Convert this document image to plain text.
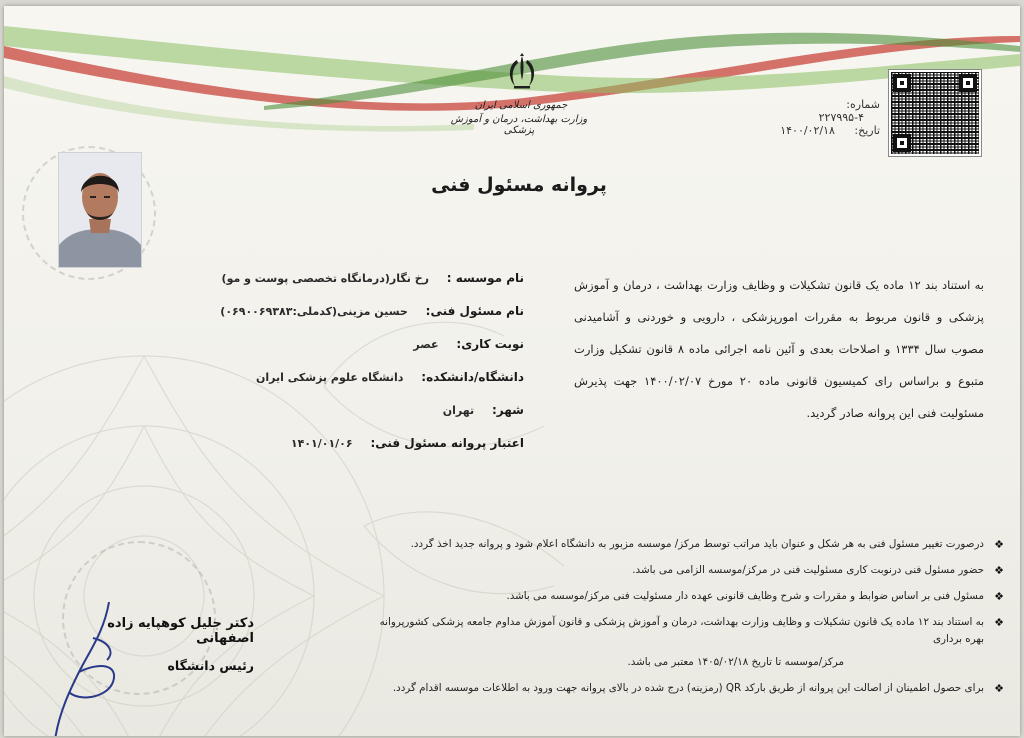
جمهوری اسلامی ایران
وزارت بهداشت، درمان و آموزش پزشکی
شماره: ۴-۲۲۷۹۹۵
تاریخ: ۱۴۰۰/۰۲/۱۸
پروانه مسئول فنی

به استناد بند ۱۲ ماده یک قانون تشکیلات و وظایف وزارت بهداشت ، درمان و آموزش پزشکی و قانون مربوط به مقررات امورپزشکی ، دارویی و خوردنی و آشامیدنی مصوب سال ۱۳۳۴ و اصلاحات بعدی و آئین نامه اجرائی ماده ۸ قانون تشکیل وزارت متبوع و براساس رای کمیسیون قانونی ماده ۲۰ مورخ ۱۴۰۰/۰۲/۰۷ جهت پذیرش مسئولیت فنی این پروانه صادر گردید.

نام موسسه : رخ نگار(درمانگاه تخصصی پوست و مو)
نام مسئول فنی: حسین مزینی(کدملی:۰۶۹۰۰۶۹۳۸۳)
نوبت کاری: عصر
دانشگاه/دانشکده: دانشگاه علوم پزشکی ایران
شهر: تهران
اعتبار پروانه مسئول فنی: ۱۴۰۱/۰۱/۰۶
❖
درصورت تغییر مسئول فنی به هر شکل و عنوان باید مراتب توسط مرکز/ موسسه مزبور به دانشگاه اعلام شود و پروانه جدید اخذ گردد.
❖
حضور مسئول فنی درنوبت کاری مسئولیت فنی در مرکز/موسسه الزامی می باشد.
❖
مسئول فنی بر اساس ضوابط و مقررات و شرح وظایف قانونی عهده دار مسئولیت فنی مرکز/موسسه می باشد.
❖
به استناد بند ۱۲ ماده یک قانون تشکیلات و وظایف وزارت بهداشت، درمان و آموزش پزشکی و قانون آموزش مداوم جامعه پزشکی کشورپروانه بهره برداری
مرکز/موسسه تا تاریخ ۱۴۰۵/۰۲/۱۸ معتبر می باشد.
❖
برای حصول اطمینان از اصالت این پروانه از طریق بارکد QR (رمزینه) درج شده در بالای پروانه جهت ورود به اطلاعات موسسه اقدام گردد.
دکتر جلیل کوهپایه زاده اصفهانی
رئیس دانشگاه
